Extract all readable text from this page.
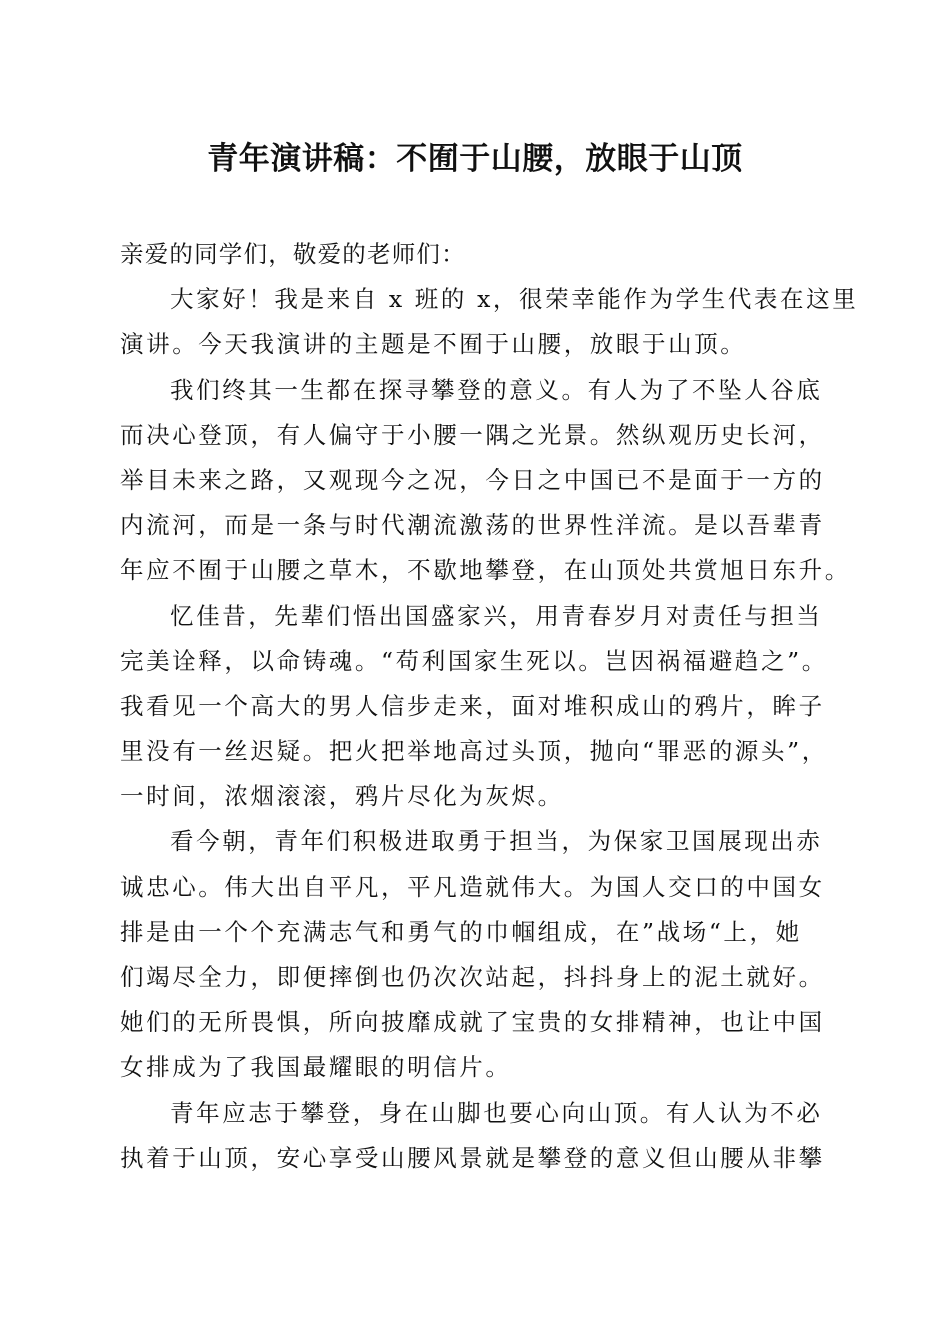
青年演讲稿：不囿于山腰，放眼于山顶
亲爱的同学们，敬爱的老师们：
大家好！我是来自 x 班的 x，很荣幸能作为学生代表在这里
演讲。今天我演讲的主题是不囿于山腰，放眼于山顶。
我们终其一生都在探寻攀登的意义。有人为了不坠人谷底
而决心登顶，有人偏守于小腰一隅之光景。然纵观历史长河，
举目未来之路，又观现今之况，今日之中国已不是面于一方的
内流河，而是一条与时代潮流激荡的世界性洋流。是以吾辈青
年应不囿于山腰之草木，不歇地攀登，在山顶处共赏旭日东升。
忆佳昔，先辈们悟出国盛家兴，用青春岁月对责任与担当
完美诠释，以命铸魂。“苟利国家生死以。岂因祸福避趋之”。
我看见一个高大的男人信步走来，面对堆积成山的鸦片，眸子
里没有一丝迟疑。把火把举地高过头顶，抛向“罪恶的源头”，
一时间，浓烟滚滚，鸦片尽化为灰烬。
看今朝，青年们积极进取勇于担当，为保家卫国展现出赤
诚忠心。伟大出自平凡，平凡造就伟大。为国人交口的中国女
排是由一个个充满志气和勇气的巾帼组成，在”战场“上，她
们竭尽全力，即便摔倒也仍次次站起，抖抖身上的泥土就好。
她们的无所畏惧，所向披靡成就了宝贵的女排精神，也让中国
女排成为了我国最耀眼的明信片。
青年应志于攀登，身在山脚也要心向山顶。有人认为不必
执着于山顶，安心享受山腰风景就是攀登的意义但山腰从非攀
